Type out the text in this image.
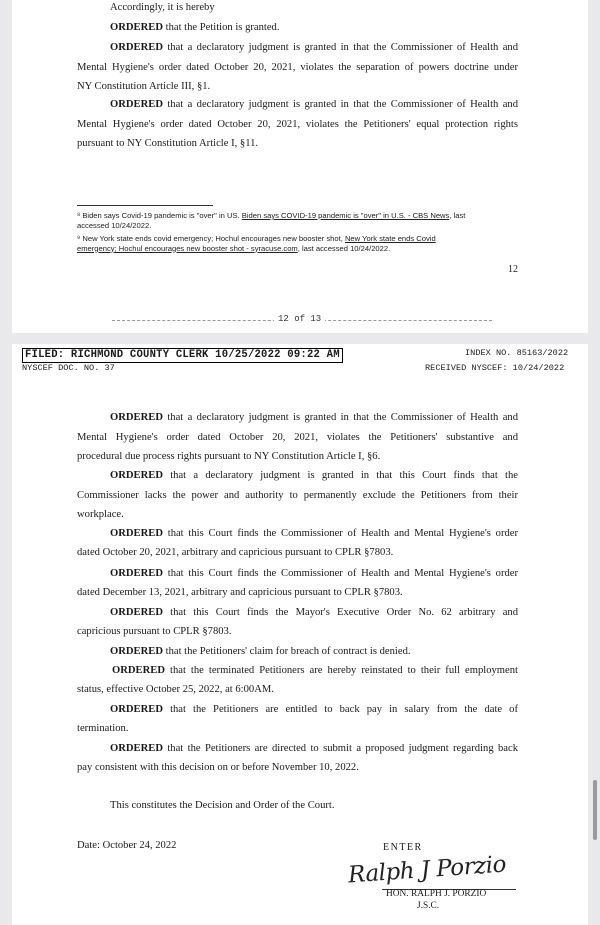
Accordingly, it is hereby
ORDERED that the Petition is granted.
ORDERED that a declaratory judgment is granted in that the Commissioner of Health and
Mental Hygiene's order dated October 20, 2021, violates the separation of powers doctrine under
NY Constitution Article III, §1.
ORDERED that a declaratory judgment is granted in that the Commissioner of Health and
Mental Hygiene's order dated October 20, 2021, violates the Petitioners' equal protection rights
pursuant to NY Constitution Article I, §11.
⁸ Biden says Covid-19 pandemic is "over" in US. Biden says COVID-19 pandemic is "over" in U.S. - CBS News, last
accessed 10/24/2022.
⁹ New York state ends covid emergency; Hochul encourages new booster shot, New York state ends Covid
emergency; Hochul encourages new booster shot - syracuse.com, last accessed 10/24/2022.
12
12 of 13
FILED: RICHMOND COUNTY CLERK 10/25/2022 09:22 AM	INDEX NO. 85163/2022
NYSCEF DOC. NO. 37	RECEIVED NYSCEF: 10/24/2022
ORDERED that a declaratory judgment is granted in that the Commissioner of Health and
Mental Hygiene's order dated October 20, 2021, violates the Petitioners' substantive and
procedural due process rights pursuant to NY Constitution Article I, §6.
ORDERED that a declaratory judgment is granted in that this Court finds that the
Commissioner lacks the power and authority to permanently exclude the Petitioners from their
workplace.
ORDERED that this Court finds the Commissioner of Health and Mental Hygiene's order
dated October 20, 2021, arbitrary and capricious pursuant to CPLR §7803.
ORDERED that this Court finds the Commissioner of Health and Mental Hygiene's order
dated December 13, 2021, arbitrary and capricious pursuant to CPLR §7803.
ORDERED that this Court finds the Mayor's Executive Order No. 62 arbitrary and
capricious pursuant to CPLR §7803.
ORDERED that the Petitioners' claim for breach of contract is denied.
ORDERED that the terminated Petitioners are hereby reinstated to their full employment
status, effective October 25, 2022, at 6:00AM.
ORDERED that the Petitioners are entitled to back pay in salary from the date of
termination.
ORDERED that the Petitioners are directed to submit a proposed judgment regarding back
pay consistent with this decision on or before November 10, 2022.
This constitutes the Decision and Order of the Court.
Date: October 24, 2022	ENTER
Ralph J Porzio
HON. RALPH J. PORZIO
J.S.C.
